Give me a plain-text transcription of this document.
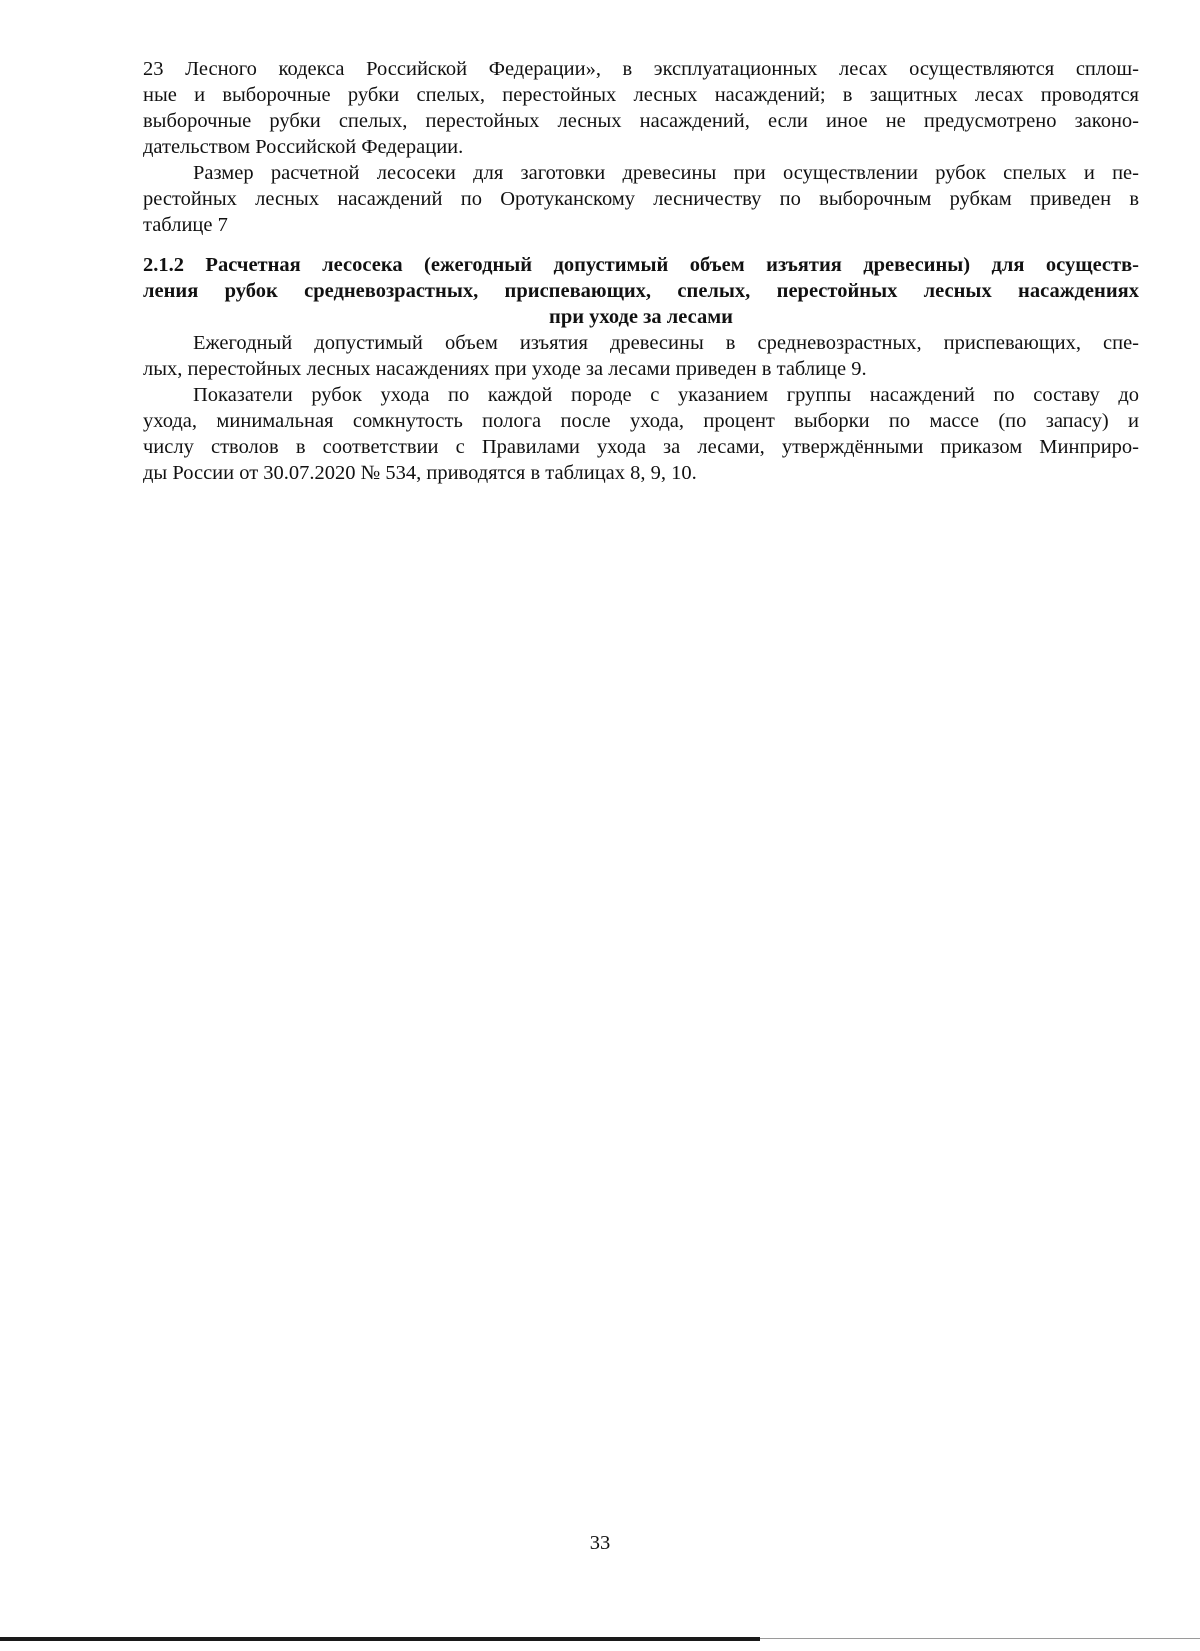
23 Лесного кодекса Российской Федерации», в эксплуатационных лесах осуществляются сплош-
ные и выборочные рубки спелых, перестойных лесных насаждений; в защитных лесах проводятся
выборочные рубки спелых, перестойных лесных насаждений, если иное не предусмотрено законо-
дательством Российской Федерации.

Размер расчетной лесосеки для заготовки древесины при осуществлении рубок спелых и пе-
рестойных лесных насаждений по Оротуканскому лесничеству по выборочным рубкам приведен в
таблице 7

2.1.2 Расчетная лесосека (ежегодный допустимый объем изъятия древесины) для осуществ-
ления рубок средневозрастных, приспевающих, спелых, перестойных лесных насаждениях
при уходе за лесами

Ежегодный допустимый объем изъятия древесины в средневозрастных, приспевающих, спе-
лых, перестойных лесных насаждениях при уходе за лесами приведен в таблице 9.

Показатели рубок ухода по каждой породе с указанием группы насаждений по составу до
ухода, минимальная сомкнутость полога после ухода, процент выборки по массе (по запасу) и
числу стволов в соответствии с Правилами ухода за лесами, утверждёнными приказом Минприро-
ды России от 30.07.2020 № 534, приводятся в таблицах 8, 9, 10.

33
